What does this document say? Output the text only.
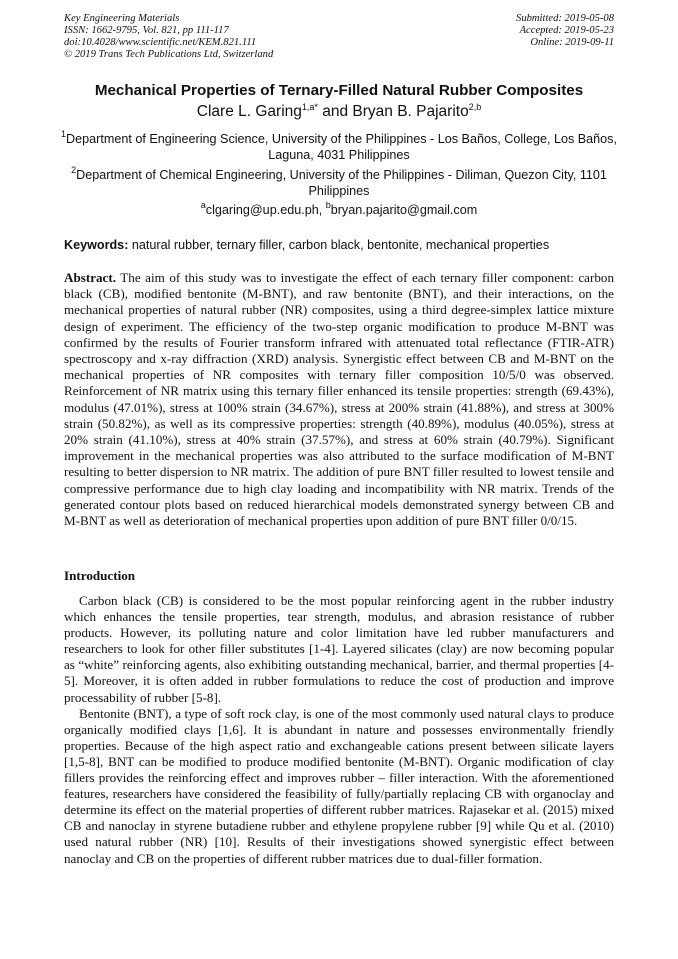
Key Engineering Materials
ISSN: 1662-9795, Vol. 821, pp 111-117
doi:10.4028/www.scientific.net/KEM.821.111
© 2019 Trans Tech Publications Ltd, Switzerland
Submitted: 2019-05-08
Accepted: 2019-05-23
Online: 2019-09-11
Mechanical Properties of Ternary-Filled Natural Rubber Composites
Clare L. Garing$^{1,a*}$ and Bryan B. Pajarito$^{2,b}$
$^1$Department of Engineering Science, University of the Philippines - Los Baños, College, Los Baños, Laguna, 4031 Philippines
$^2$Department of Chemical Engineering, University of the Philippines - Diliman, Quezon City, 1101 Philippines
$^a$clgaring@up.edu.ph, $^b$bryan.pajarito@gmail.com
Keywords: natural rubber, ternary filler, carbon black, bentonite, mechanical properties
Abstract. The aim of this study was to investigate the effect of each ternary filler component: carbon black (CB), modified bentonite (M-BNT), and raw bentonite (BNT), and their interactions, on the mechanical properties of natural rubber (NR) composites, using a third degree-simplex lattice mixture design of experiment. The efficiency of the two-step organic modification to produce M-BNT was confirmed by the results of Fourier transform infrared with attenuated total reflectance (FTIR-ATR) spectroscopy and x-ray diffraction (XRD) analysis. Synergistic effect between CB and M-BNT on the mechanical properties of NR composites with ternary filler composition 10/5/0 was observed. Reinforcement of NR matrix using this ternary filler enhanced its tensile properties: strength (69.43%), modulus (47.01%), stress at 100% strain (34.67%), stress at 200% strain (41.88%), and stress at 300% strain (50.82%), as well as its compressive properties: strength (40.89%), modulus (40.05%), stress at 20% strain (41.10%), stress at 40% strain (37.57%), and stress at 60% strain (40.79%). Significant improvement in the mechanical properties was also attributed to the surface modification of M-BNT resulting to better dispersion to NR matrix. The addition of pure BNT filler resulted to lowest tensile and compressive performance due to high clay loading and incompatibility with NR matrix. Trends of the generated contour plots based on reduced hierarchical models demonstrated synergy between CB and M-BNT as well as deterioration of mechanical properties upon addition of pure BNT filler 0/0/15.
Introduction

Carbon black (CB) is considered to be the most popular reinforcing agent in the rubber industry which enhances the tensile properties, tear strength, modulus, and abrasion resistance of rubber products. However, its polluting nature and color limitation have led rubber manufacturers and researchers to look for other filler substitutes [1-4]. Layered silicates (clay) are now becoming popular as “white” reinforcing agents, also exhibiting outstanding mechanical, barrier, and thermal properties [4-5]. Moreover, it is often added in rubber formulations to reduce the cost of production and improve processability of rubber [5-8].

Bentonite (BNT), a type of soft rock clay, is one of the most commonly used natural clays to produce organically modified clays [1,6]. It is abundant in nature and possesses environmentally friendly properties. Because of the high aspect ratio and exchangeable cations present between silicate layers [1,5-8], BNT can be modified to produce modified bentonite (M-BNT). Organic modification of clay fillers provides the reinforcing effect and improves rubber – filler interaction. With the aforementioned features, researchers have considered the feasibility of fully/partially replacing CB with organoclay and determine its effect on the material properties of different rubber matrices. Rajasekar et al. (2015) mixed CB and nanoclay in styrene butadiene rubber and ethylene propylene rubber [9] while Qu et al. (2010) used natural rubber (NR) [10]. Results of their investigations showed synergistic effect between nanoclay and CB on the properties of different rubber matrices due to dual-filler formation.
